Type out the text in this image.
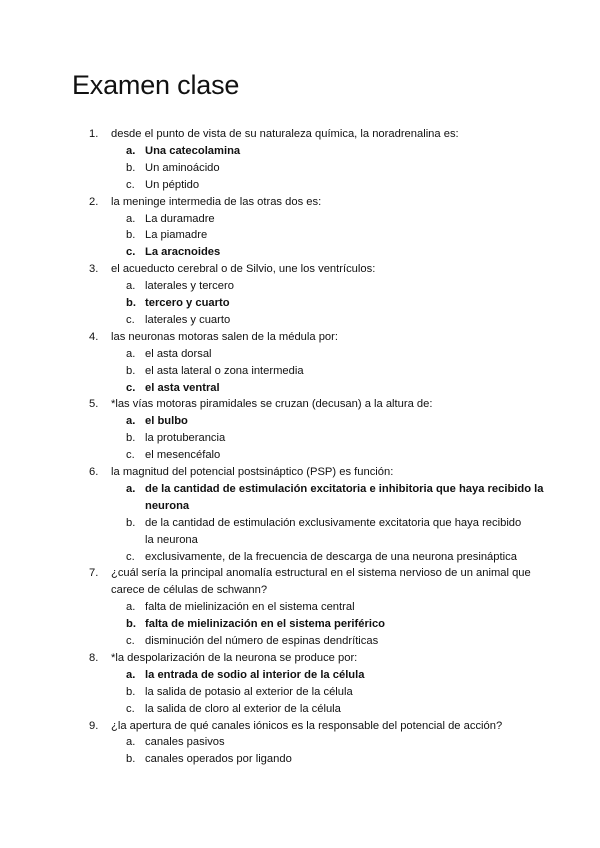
Examen clase
1.	desde el punto de vista de su naturaleza química, la noradrenalina es:
a. Una catecolamina
b. Un aminoácido
c. Un péptido
2.	la meninge intermedia de las otras dos es:
a. La duramadre
b. La piamadre
c. La aracnoides
3.	el acueducto cerebral o de Silvio, une los ventrículos:
a. laterales y tercero
b. tercero y cuarto
c. laterales y cuarto
4.	las neuronas motoras salen de la médula por:
a. el asta dorsal
b. el asta lateral o zona intermedia
c. el asta ventral
5.	*las vías motoras piramidales se cruzan (decusan) a la altura de:
a. el bulbo
b. la protuberancia
c. el mesencéfalo
6.	la magnitud del potencial postsináptico (PSP) es función:
a. de la cantidad de estimulación excitatoria e inhibitoria que haya recibido la
neurona
b. de la cantidad de estimulación exclusivamente excitatoria que haya recibido
la neurona
c. exclusivamente, de la frecuencia de descarga de una neurona presináptica
7.	¿cuál sería la principal anomalía estructural en el sistema nervioso de un animal que
carece de células de schwann?
a. falta de mielinización en el sistema central
b. falta de mielinización en el sistema periférico
c. disminución del número de espinas dendríticas
8.	*la despolarización de la neurona se produce por:
a. la entrada de sodio al interior de la célula
b. la salida de potasio al exterior de la célula
c. la salida de cloro al exterior de la célula
9.	¿la apertura de qué canales iónicos es la responsable del potencial de acción?
a. canales pasivos
b. canales operados por ligando
